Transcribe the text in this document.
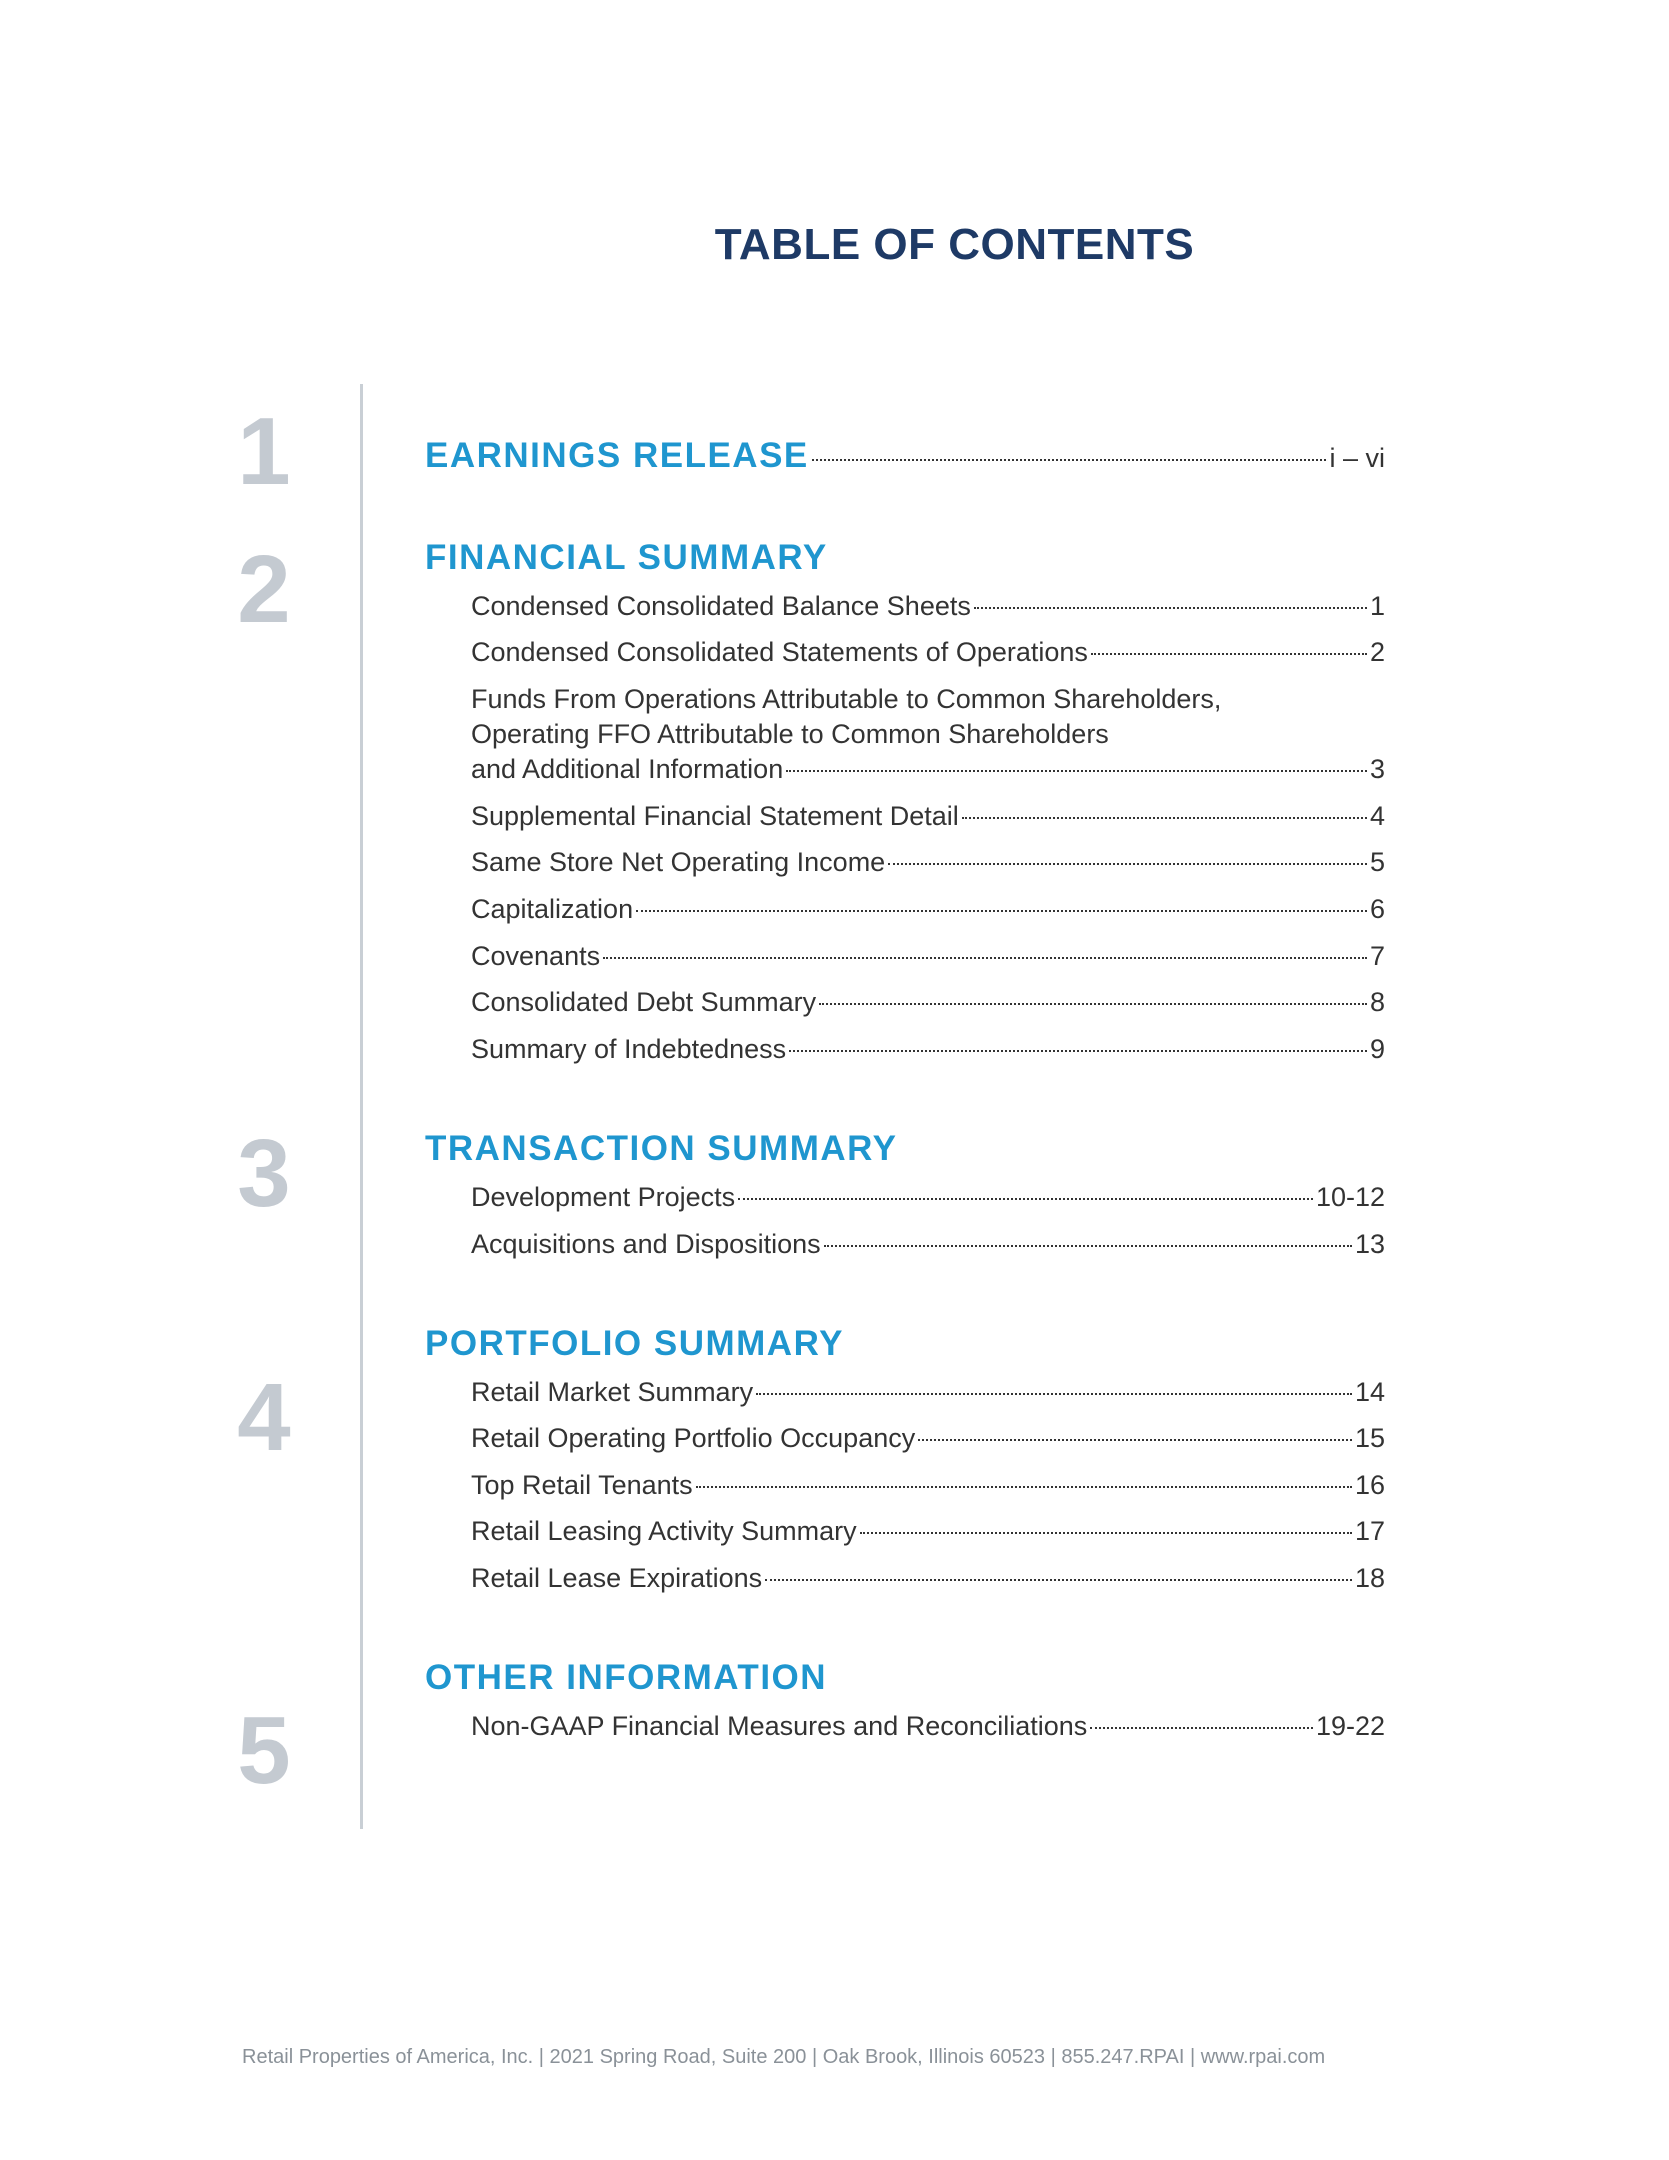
TABLE OF CONTENTS
1
2
3
4
5
EARNINGS RELEASE	i – vi
FINANCIAL SUMMARY
Condensed Consolidated Balance Sheets	1
Condensed Consolidated Statements of Operations	2
Funds From Operations Attributable to Common Shareholders,
Operating FFO Attributable to Common Shareholders
and Additional Information	3
Supplemental Financial Statement Detail	4
Same Store Net Operating Income	5
Capitalization	6
Covenants	7
Consolidated Debt Summary	8
Summary of Indebtedness	9
TRANSACTION SUMMARY
Development Projects	10-12
Acquisitions and Dispositions	13
PORTFOLIO SUMMARY
Retail Market Summary	14
Retail Operating Portfolio Occupancy	15
Top Retail Tenants	16
Retail Leasing Activity Summary	17
Retail Lease Expirations	18
OTHER INFORMATION
Non-GAAP Financial Measures and Reconciliations	19-22
Retail Properties of America, Inc. | 2021 Spring Road, Suite 200 | Oak Brook, Illinois 60523 | 855.247.RPAI | www.rpai.com
